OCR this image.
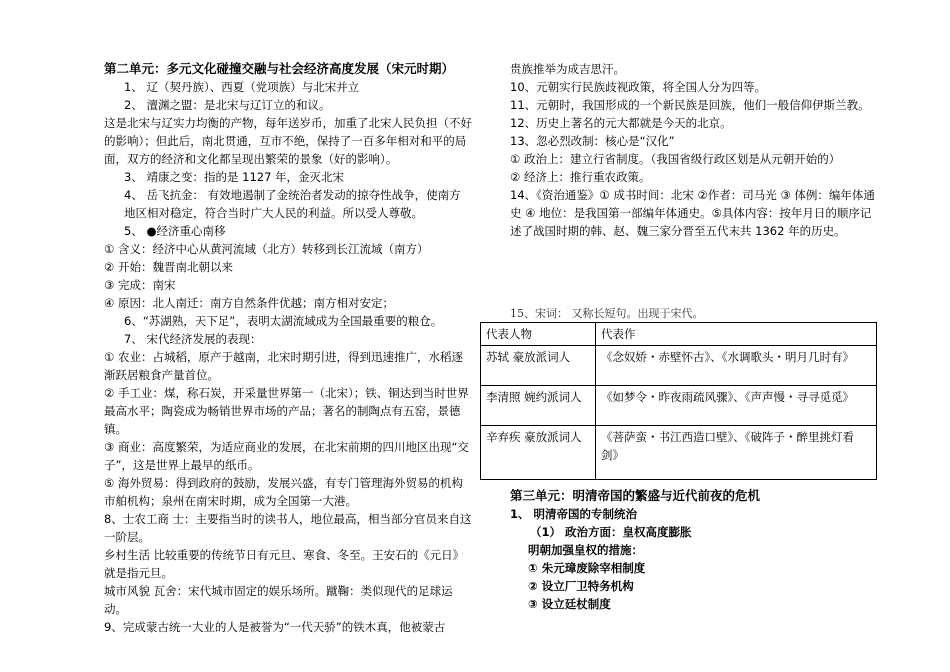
第二单元：多元文化碰撞交融与社会经济高度发展（宋元时期）
1、 辽（契丹族）、西夏（党项族）与北宋并立
2、 澶渊之盟：是北宋与辽订立的和议。
这是北宋与辽实力均衡的产物，每年送岁币，加重了北宋人民负担（不好的影响）；但此后，南北贯通，互市不绝，保持了一百多年相对和平的局面，双方的经济和文化都呈现出繁荣的景象（好的影响）。
3、 靖康之变：指的是 1127 年，金灭北宋
4、 岳飞抗金： 有效地遏制了金统治者发动的掠夺性战争，使南方地区相对稳定，符合当时广大人民的利益。所以受人尊敬。
5、 ●经济重心南移
① 含义：经济中心从黄河流域（北方）转移到长江流域（南方）
② 开始：魏晋南北朝以来
③ 完成：南宋
④ 原因：北人南迁：南方自然条件优越；南方相对安定；
6、“苏湖熟，天下足”，表明太湖流域成为全国最重要的粮仓。
7、 宋代经济发展的表现：
① 农业：占城稻，原产于越南，北宋时期引进，得到迅速推广，水稻逐渐跃居粮食产量首位。
② 手工业：煤，称石炭，开采量世界第一（北宋）；铁、铜达到当时世界最高水平；陶瓷成为畅销世界市场的产品；著名的制陶点有五窑，景德镇。
③ 商业：高度繁荣，为适应商业的发展，在北宋前期的四川地区出现“交子”，这是世界上最早的纸币。
⑤ 海外贸易：得到政府的鼓励，发展兴盛，有专门管理海外贸易的机构市舶机构；泉州在南宋时期，成为全国第一大港。
8、士农工商 士：主要指当时的读书人，地位最高，相当部分官员来自这一阶层。
乡村生活 比较重要的传统节日有元旦、寒食、冬至。王安石的《元日》就是指元旦。
城市风貌 瓦舍：宋代城市固定的娱乐场所。蹴鞠：类似现代的足球运动。
9、完成蒙古统一大业的人是被誉为“一代天骄”的铁木真，他被蒙古
贵族推举为成吉思汗。
10、元朝实行民族歧视政策，将全国人分为四等。
11、元朝时，我国形成的一个新民族是回族，他们一般信仰伊斯兰教。
12、历史上著名的元大都就是今天的北京。
13、忽必烈改制：核心是“汉化”
① 政治上：建立行省制度。（我国省级行政区划是从元朝开始的）
② 经济上：推行重农政策。
14、《资治通鉴》① 成书时间：北宋 ②作者：司马光 ③ 体例：编年体通史 ④ 地位：是我国第一部编年体通史。⑤具体内容：按年月日的顺序记述了战国时期的韩、赵、魏三家分晋至五代末共 1362 年的历史。
15、宋词： 又称长短句。出现于宋代。
代表人物	代表作
苏轼 豪放派词人	《念奴娇・赤壁怀古》、《水调歌头・明月几时有》
李清照 婉约派词人	《如梦令・昨夜雨疏风骤》、《声声慢・寻寻觅觅》
辛弃疾 豪放派词人	《菩萨蛮・书江西造口壁》、《破阵子・醉里挑灯看剑》
第三单元：明清帝国的繁盛与近代前夜的危机
1、 明清帝国的专制统治
（1） 政治方面：皇权高度膨胀
明朝加强皇权的措施：
① 朱元璋废除宰相制度
② 设立厂卫特务机构
③ 设立廷杖制度
